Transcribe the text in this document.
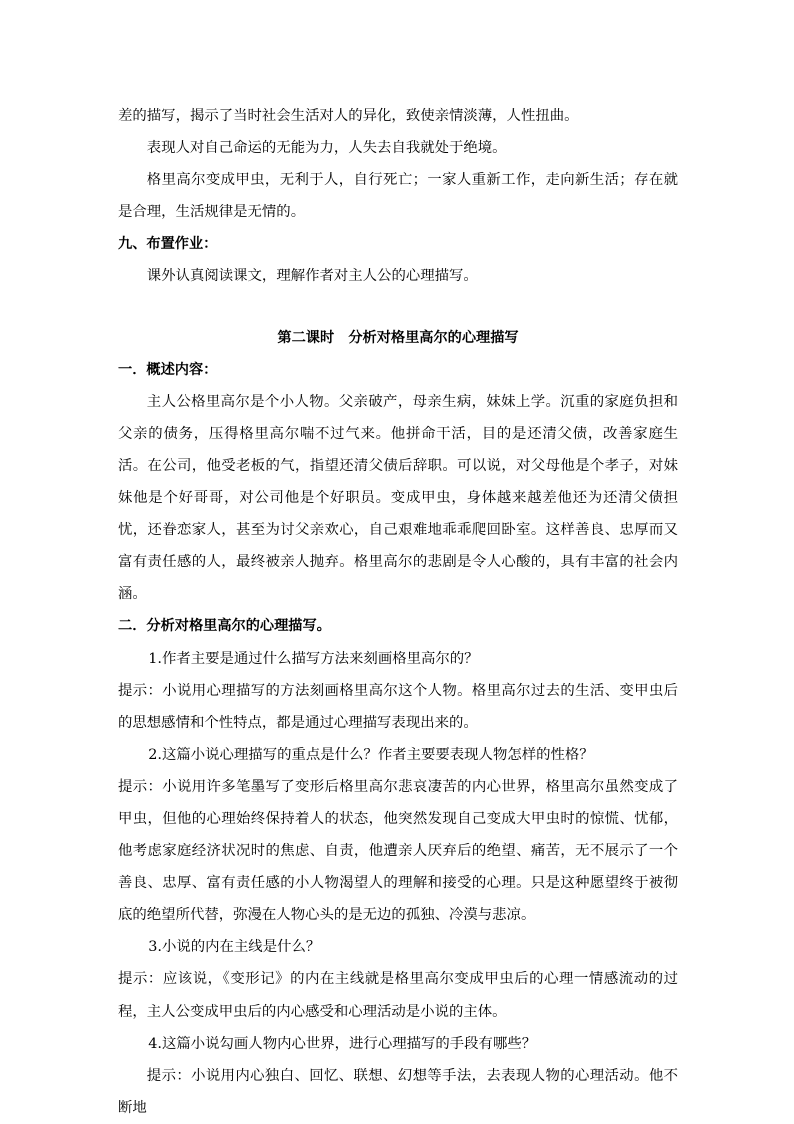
差的描写，揭示了当时社会生活对人的异化，致使亲情淡薄，人性扭曲。

表现人对自己命运的无能为力，人失去自我就处于绝境。

格里高尔变成甲虫，无利于人，自行死亡；一家人重新工作，走向新生活；存在就是合理，生活规律是无情的。

九、布置作业：

课外认真阅读课文，理解作者对主人公的心理描写。

第二课时　分析对格里高尔的心理描写

一．概述内容：

主人公格里高尔是个小人物。父亲破产，母亲生病，妹妹上学。沉重的家庭负担和父亲的债务，压得格里高尔喘不过气来。他拼命干活，目的是还清父债，改善家庭生活。在公司，他受老板的气，指望还清父债后辞职。可以说，对父母他是个孝子，对妹妹他是个好哥哥，对公司他是个好职员。变成甲虫，身体越来越差他还为还清父债担忧，还眷恋家人，甚至为讨父亲欢心，自己艰难地乖乖爬回卧室。这样善良、忠厚而又富有责任感的人，最终被亲人抛弃。格里高尔的悲剧是令人心酸的，具有丰富的社会内涵。

二．分析对格里高尔的心理描写。

1.作者主要是通过什么描写方法来刻画格里高尔的？

提示：小说用心理描写的方法刻画格里高尔这个人物。格里高尔过去的生活、变甲虫后的思想感情和个性特点，都是通过心理描写表现出来的。

2.这篇小说心理描写的重点是什么？作者主要要表现人物怎样的性格？

提示：小说用许多笔墨写了变形后格里高尔悲哀凄苦的内心世界，格里高尔虽然变成了甲虫，但他的心理始终保持着人的状态，他突然发现自己变成大甲虫时的惊慌、忧郁，他考虑家庭经济状况时的焦虑、自责，他遭亲人厌弃后的绝望、痛苦，无不展示了一个善良、忠厚、富有责任感的小人物渴望人的理解和接受的心理。只是这种愿望终于被彻底的绝望所代替，弥漫在人物心头的是无边的孤独、冷漠与悲凉。

3.小说的内在主线是什么？

提示：应该说，《变形记》的内在主线就是格里高尔变成甲虫后的心理一情感流动的过程，主人公变成甲虫后的内心感受和心理活动是小说的主体。

4.这篇小说勾画人物内心世界，进行心理描写的手段有哪些？

提示：小说用内心独白、回忆、联想、幻想等手法，去表现人物的心理活动。他不断地
